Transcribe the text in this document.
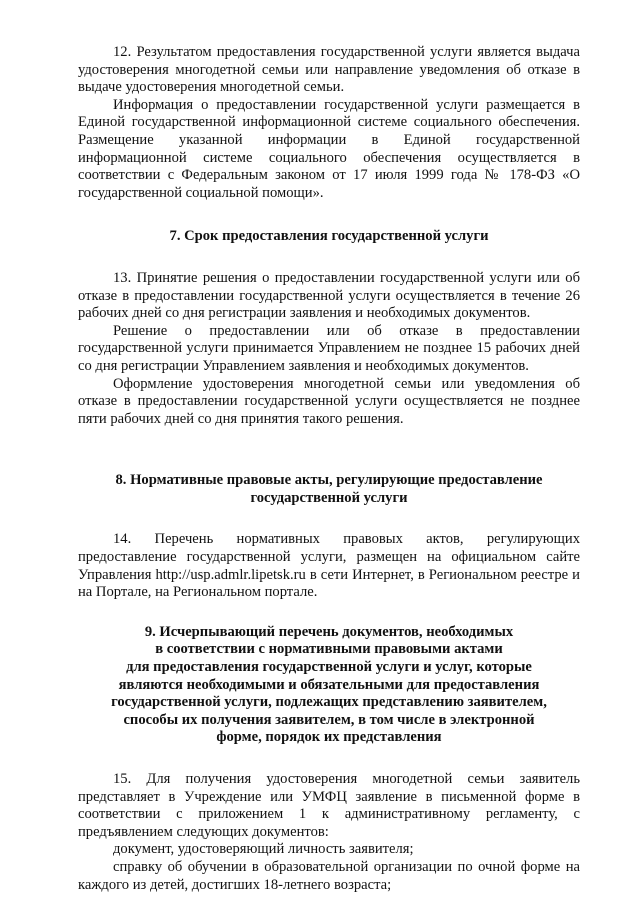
12. Результатом предоставления государственной услуги является выдача удостоверения многодетной семьи или направление уведомления об отказе в выдаче удостоверения многодетной семьи.

Информация о предоставлении государственной услуги размещается в Единой государственной информационной системе социального обеспечения. Размещение указанной информации в Единой государственной информационной системе социального обеспечения осуществляется в соответствии с Федеральным законом от 17 июля 1999 года № 178-ФЗ «О государственной социальной помощи».

7. Срок предоставления государственной услуги

13. Принятие решения о предоставлении государственной услуги или об отказе в предоставлении государственной услуги осуществляется в течение 26 рабочих дней со дня регистрации заявления и необходимых документов.

Решение о предоставлении или об отказе в предоставлении государственной услуги принимается Управлением не позднее 15 рабочих дней со дня регистрации Управлением заявления и необходимых документов.

Оформление удостоверения многодетной семьи или уведомления об отказе в предоставлении государственной услуги осуществляется не позднее пяти рабочих дней со дня принятия такого решения.

8. Нормативные правовые акты, регулирующие предоставление
государственной услуги

14. Перечень нормативных правовых актов, регулирующих предоставление государственной услуги, размещен на официальном сайте Управления http://usp.admlr.lipetsk.ru в сети Интернет, в Региональном реестре и на Портале, на Региональном портале.

9. Исчерпывающий перечень документов, необходимых
в соответствии с нормативными правовыми актами
для предоставления государственной услуги и услуг, которые
являются необходимыми и обязательными для предоставления
государственной услуги, подлежащих представлению заявителем,
способы их получения заявителем, в том числе в электронной
форме, порядок их представления

15. Для получения удостоверения многодетной семьи заявитель представляет в Учреждение или УМФЦ заявление в письменной форме в соответствии с приложением 1 к административному регламенту, с предъявлением следующих документов:

документ, удостоверяющий личность заявителя;

справку об обучении в образовательной организации по очной форме на каждого из детей, достигших 18-летнего возраста;
